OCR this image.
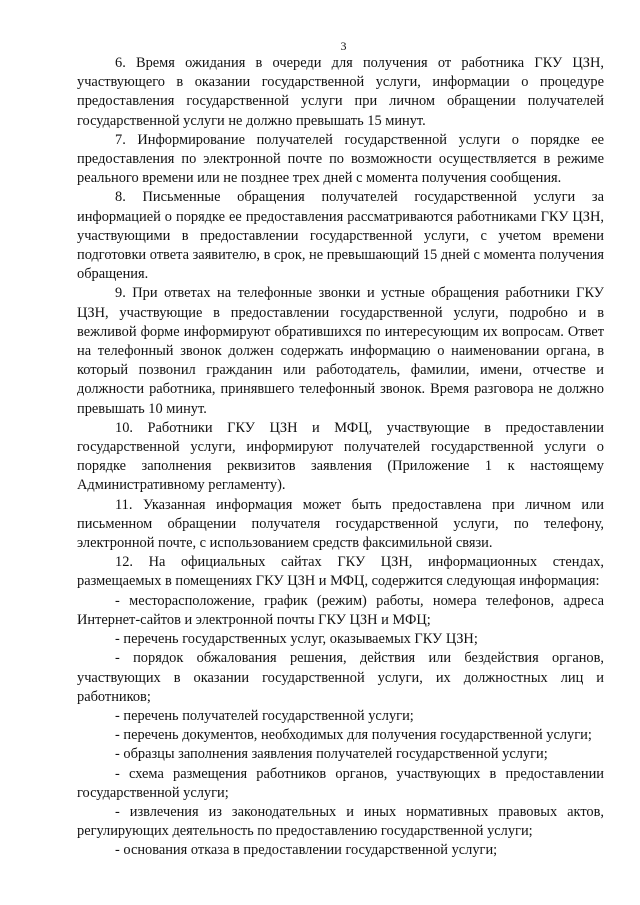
3

6. Время ожидания в очереди для получения от работника ГКУ ЦЗН, участвующего в оказании государственной услуги, информации о процедуре предоставления государственной услуги при личном обращении получателей государственной услуги не должно превышать 15 минут.

7. Информирование получателей государственной услуги о порядке ее предоставления по электронной почте по возможности осуществляется в режиме реального времени или не позднее трех дней с момента получения сообщения.

8. Письменные обращения получателей государственной услуги за информацией о порядке ее предоставления рассматриваются работниками ГКУ ЦЗН, участвующими в предоставлении государственной услуги, с учетом времени подготовки ответа заявителю, в срок, не превышающий 15 дней с момента получения обращения.

9. При ответах на телефонные звонки и устные обращения работники ГКУ ЦЗН, участвующие в предоставлении государственной услуги, подробно и в вежливой форме информируют обратившихся по интересующим их вопросам. Ответ на телефонный звонок должен содержать информацию о наименовании органа, в который позвонил гражданин или работодатель, фамилии, имени, отчестве и должности работника, принявшего телефонный звонок. Время разговора не должно превышать 10 минут.

10. Работники ГКУ ЦЗН и МФЦ, участвующие в предоставлении государственной услуги, информируют получателей государственной услуги о порядке заполнения реквизитов заявления (Приложение 1 к настоящему Административному регламенту).

11. Указанная информация может быть предоставлена при личном или письменном обращении получателя государственной услуги, по телефону, электронной почте, с использованием средств факсимильной связи.

12. На официальных сайтах ГКУ ЦЗН, информационных стендах, размещаемых в помещениях ГКУ ЦЗН и МФЦ, содержится следующая информация:

- месторасположение, график (режим) работы, номера телефонов, адреса Интернет-сайтов и электронной почты ГКУ ЦЗН и МФЦ;

- перечень государственных услуг, оказываемых ГКУ ЦЗН;

- порядок обжалования решения, действия или бездействия органов, участвующих в оказании государственной услуги, их должностных лиц и работников;

- перечень получателей государственной услуги;

- перечень документов, необходимых для получения государственной услуги;

- образцы заполнения заявления получателей государственной услуги;

- схема размещения работников органов, участвующих в предоставлении государственной услуги;

- извлечения из законодательных и иных нормативных правовых актов, регулирующих деятельность по предоставлению государственной услуги;

- основания отказа в предоставлении государственной услуги;
